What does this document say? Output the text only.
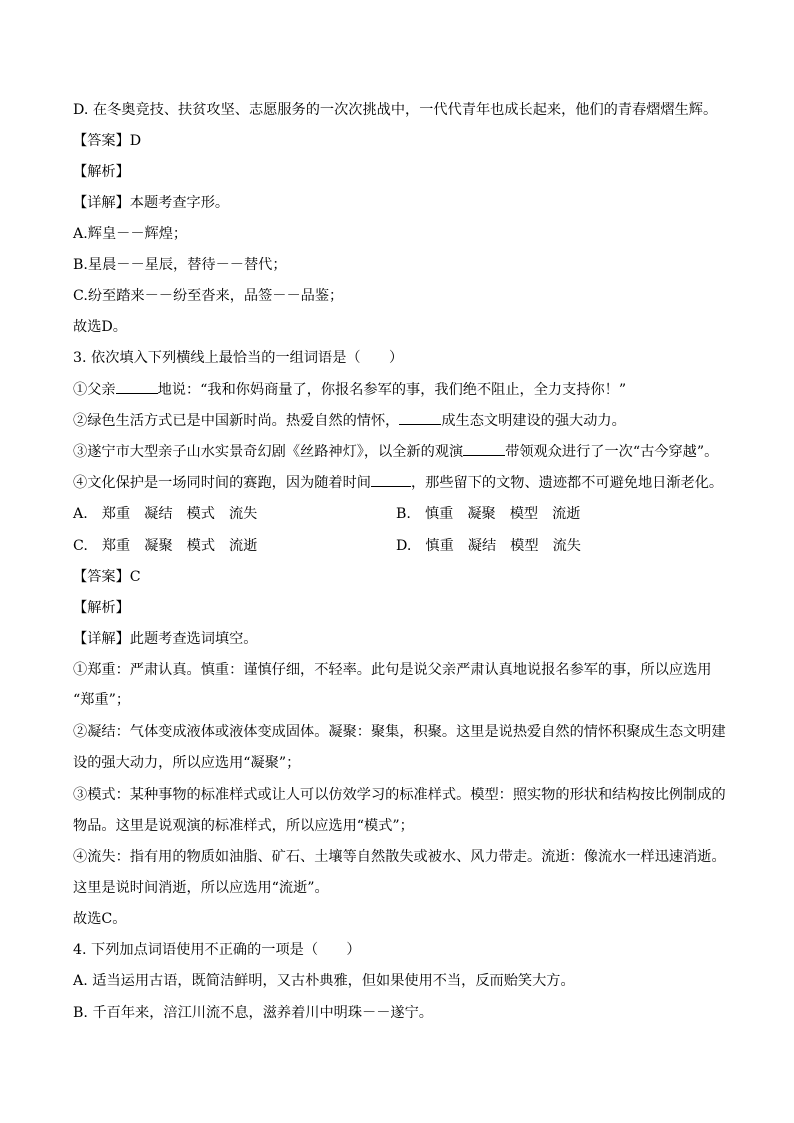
D. 在冬奥竞技、扶贫攻坚、志愿服务的一次次挑战中，一代代青年也成长起来，他们的青春熠熠生辉。
【答案】D
【解析】
【详解】本题考查字形。
A.辉皇－－辉煌；
B.星晨－－星辰，替待－－替代；
C.纷至踏来－－纷至沓来，品签－－品鉴；
故选D。
3. 依次填入下列横线上最恰当的一组词语是（　　）
①父亲	地说：“我和你妈商量了，你报名参军的事，我们绝不阻止，全力支持你！”
②绿色生活方式已是中国新时尚。热爱自然的情怀，	成生态文明建设的强大动力。
③遂宁市大型亲子山水实景奇幻剧《丝路神灯》，以全新的观演	带领观众进行了一次“古今穿越”。
④文化保护是一场同时间的赛跑，因为随着时间	，那些留下的文物、遗迹都不可避免地日渐老化。
A. 郑重 凝结 模式 流失	B. 慎重 凝聚 模型 流逝
C. 郑重 凝聚 模式 流逝	D. 慎重 凝结 模型 流失
【答案】C
【解析】
【详解】此题考查选词填空。
①郑重：严肃认真。慎重：谨慎仔细，不轻率。此句是说父亲严肃认真地说报名参军的事，所以应选用
“郑重”；
②凝结：气体变成液体或液体变成固体。凝聚：聚集，积聚。这里是说热爱自然的情怀积聚成生态文明建
设的强大动力，所以应选用“凝聚”；
③模式：某种事物的标准样式或让人可以仿效学习的标准样式。模型：照实物的形状和结构按比例制成的
物品。这里是说观演的标准样式，所以应选用“模式”；
④流失：指有用的物质如油脂、矿石、土壤等自然散失或被水、风力带走。流逝：像流水一样迅速消逝。
这里是说时间消逝，所以应选用“流逝”。
故选C。
4. 下列加点词语使用不正确的一项是（　　）
A. 适当运用古语，既简洁鲜明，又古朴典雅，但如果使用不当，反而贻笑大方。
B. 千百年来，涪江川流不息，滋养着川中明珠－－遂宁。
